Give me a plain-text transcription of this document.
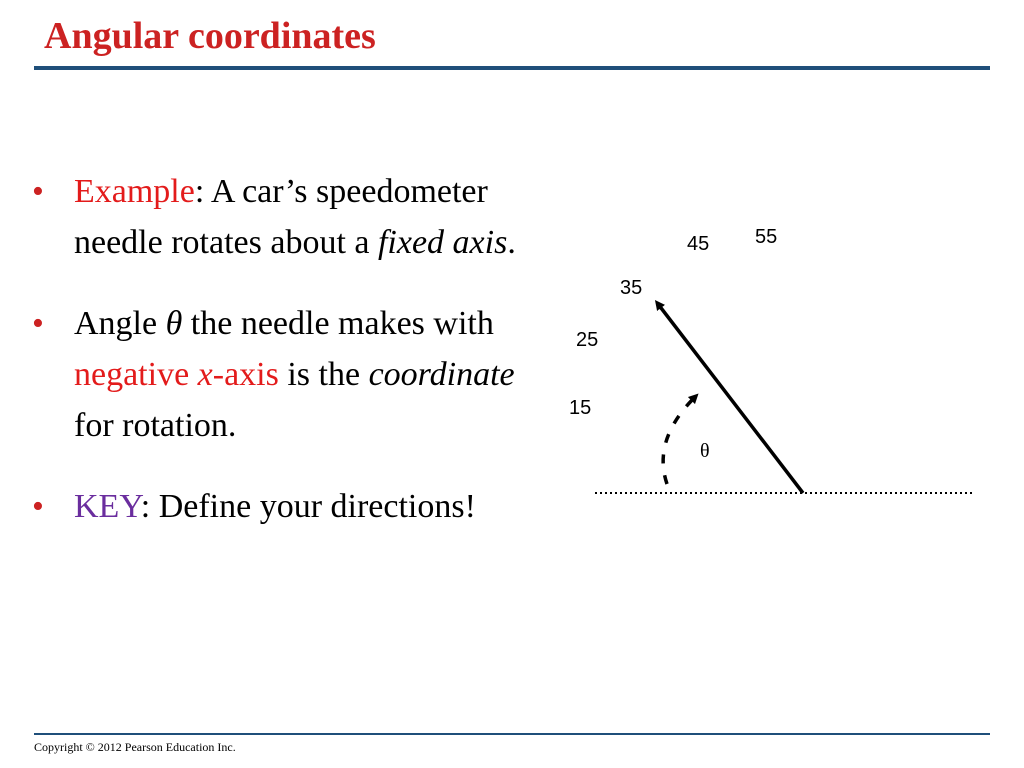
Angular coordinates
• Example: A car’s speedometer needle rotates about a fixed axis.
• Angle θ the needle makes with negative x-axis is the coordinate for rotation.
• KEY: Define your directions!
15
25
35
45 55
θ
Copyright © 2012 Pearson Education Inc.
